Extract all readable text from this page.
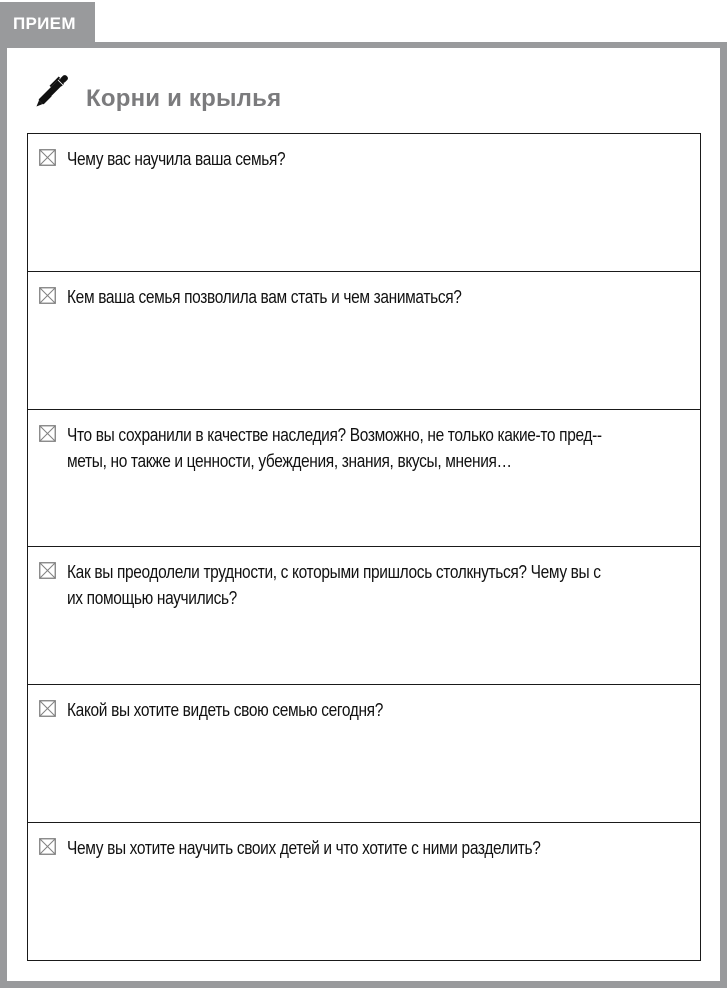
ПРИЕМ
Корни и крылья
Чему вас научила ваша семья?
Кем ваша семья позволила вам стать и чем заниматься?
Что вы сохранили в качестве наследия? Возможно, не только какие-то пред-меты, но также и ценности, убеждения, знания, вкусы, мнения…
Как вы преодолели трудности, с которыми пришлось столкнуться? Чему вы с их помощью научились?
Какой вы хотите видеть свою семью сегодня?
Чему вы хотите научить своих детей и что хотите с ними разделить?
